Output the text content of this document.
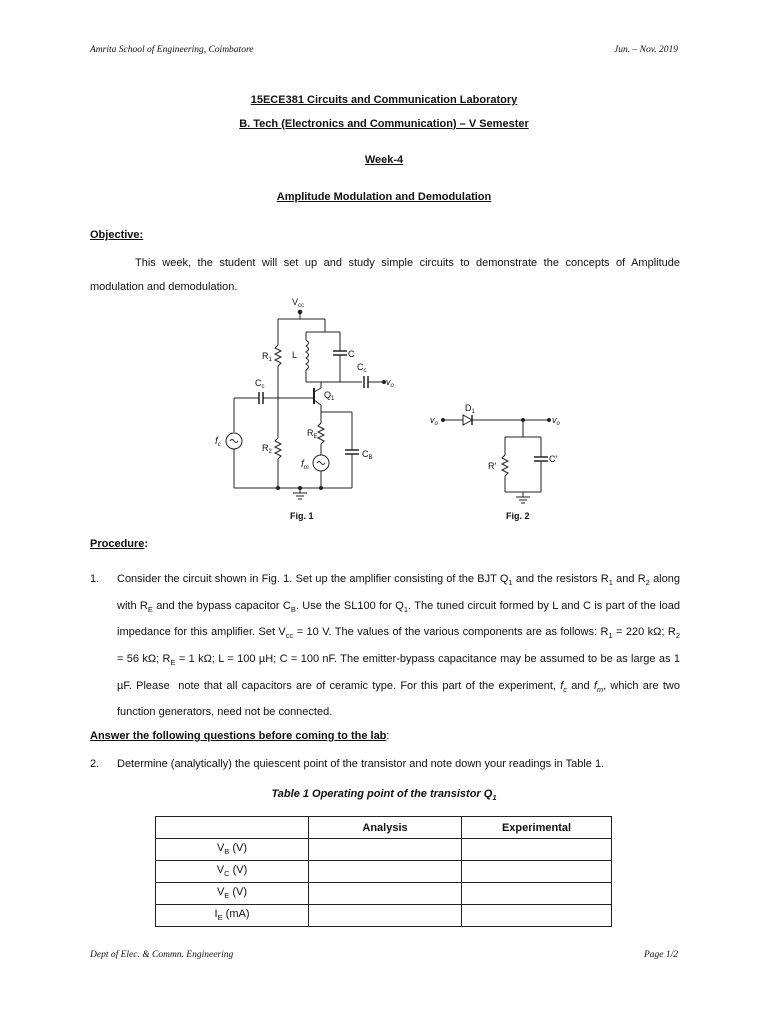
Amrita School of Engineering, Coimbatore	Jun. – Nov. 2019
15ECE381 Circuits and Communication Laboratory
B. Tech (Electronics and Communication) – V Semester
Week-4
Amplitude Modulation and Demodulation
Objective:
This week, the student will set up and study simple circuits to demonstrate the concepts of Amplitude modulation and demodulation.
$V_{cc}$
$R_1$ L	C
$C_c$
$v_o$
$C_c$
$Q_1$
$R_E$
$R_2$
$f_c$
$f_m$
$C_B$
$D_1$
$v_o$	$v_o$
R′
C′
Fig. 1	Fig. 2
Procedure:
1. Consider the circuit shown in Fig. 1. Set up the amplifier consisting of the BJT $Q_1$ and the resistors $R_1$ and $R_2$ along with $R_E$ and the bypass capacitor $C_B$. Use the SL100 for $Q_1$. The tuned circuit formed by L and C is part of the load impedance for this amplifier. Set $V_{cc} = 10$ V. The values of the various components are as follows: $R_1 = 220$ kΩ; $R_2 = 56$ kΩ; $R_E = 1$ kΩ; L = 100 µH; C = 100 nF. The emitter-bypass capacitance may be assumed to be as large as 1 µF. Please  note that all capacitors are of ceramic type. For this part of the experiment, $f_c$ and $f_m$, which are two function generators, need not be connected.
Answer the following questions before coming to the lab:
2. Determine (analytically) the quiescent point of the transistor and note down your readings in Table 1.
Table 1 Operating point of the transistor $Q_1$
	Analysis	Experimental
$V_B$ (V)		
$V_C$ (V)		
$V_E$ (V)		
$I_E$ (mA)		
Dept of Elec. & Commn. Engineering	Page 1/2
